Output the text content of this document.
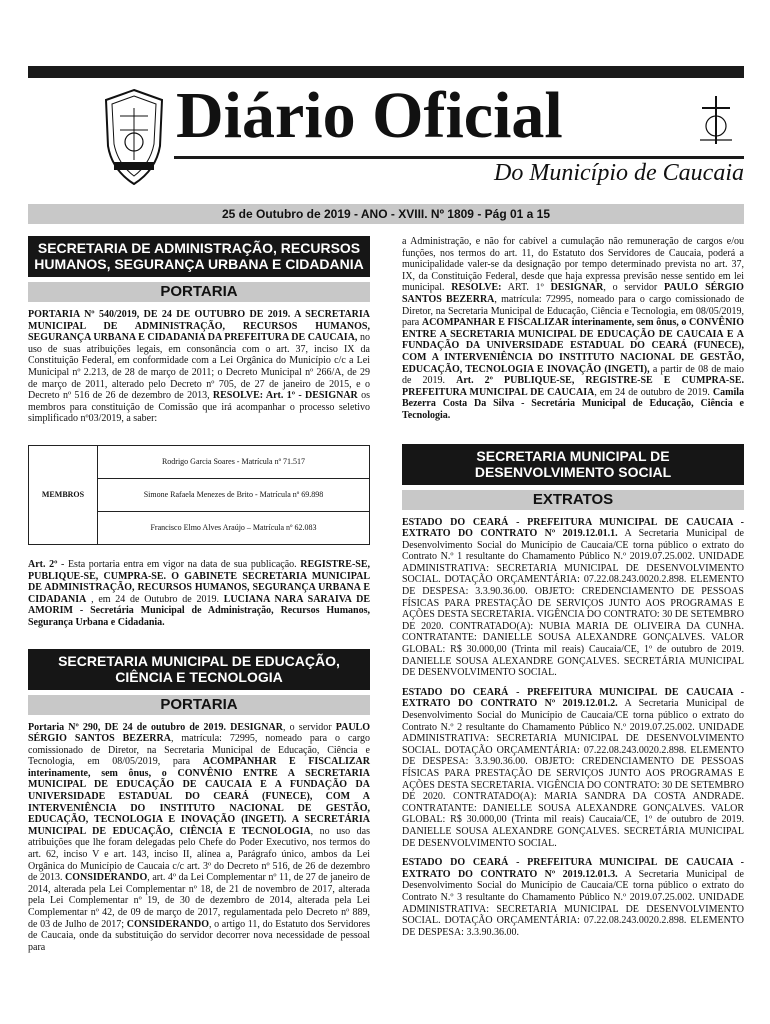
Diário Oficial
Do Município de Caucaia
25 de Outubro de 2019 - ANO - XVIII. Nº 1809 - Pág 01 a 15
SECRETARIA DE ADMINISTRAÇÃO, RECURSOS HUMANOS, SEGURANÇA URBANA E CIDADANIA
PORTARIA

PORTARIA Nº 540/2019, DE 24 DE OUTUBRO DE 2019. A SECRETARIA MUNICIPAL DE ADMINISTRAÇÃO, RECURSOS HUMANOS, SEGURANÇA URBANA E CIDADANIA DA PREFEITURA DE CAUCAIA, no uso de suas atribuições legais, em consonância com o art. 37, inciso IX da Constituição Federal, em conformidade com a Lei Orgânica do Município c/c a Lei Municipal nº 2.213, de 28 de março de 2011; o Decreto Municipal nº 266/A, de 29 de março de 2011, alterado pelo Decreto nº 705, de 27 de janeiro de 2015, e o Decreto nº 516 de 26 de dezembro de 2013, RESOLVE: Art. 1º - DESIGNAR os membros para constituição de Comissão que irá acompanhar o processo seletivo simplificado nº03/2019, a saber:

MEMBROS
Rodrigo Garcia Soares - Matrícula nº 71.517
Simone Rafaela Menezes de Brito - Matrícula nº 69.898
Francisco Elmo Alves Araújo – Matrícula nº 62.083

Art. 2º - Esta portaria entra em vigor na data de sua publicação. REGISTRE-SE, PUBLIQUE-SE, CUMPRA-SE. O GABINETE SECRETARIA MUNICIPAL DE ADMINISTRAÇÃO, RECURSOS HUMANOS, SEGURANÇA URBANA E CIDADANIA , em 24 de Outubro de 2019. LUCIANA NARA SARAIVA DE AMORIM - Secretária Municipal de Administração, Recursos Humanos, Segurança Urbana e Cidadania.

SECRETARIA MUNICIPAL DE EDUCAÇÃO, CIÊNCIA E TECNOLOGIA
PORTARIA

Portaria Nº 290, DE 24 de outubro de 2019. DESIGNAR, o servidor PAULO SÉRGIO SANTOS BEZERRA, matrícula: 72995, nomeado para o cargo comissionado de Diretor, na Secretaria Municipal de Educação, Ciência e Tecnologia, em 08/05/2019, para ACOMPANHAR E FISCALIZAR interinamente, sem ônus, o CONVÊNIO ENTRE A SECRETARIA MUNICIPAL DE EDUCAÇÃO DE CAUCAIA E A FUNDAÇÃO DA UNIVERSIDADE ESTADUAL DO CEARÁ (FUNECE), COM A INTERVENIÊNCIA DO INSTITUTO NACIONAL DE GESTÃO, EDUCAÇÃO, TECNOLOGIA E INOVAÇÃO (INGETI). A SECRETÁRIA MUNICIPAL DE EDUCAÇÃO, CIÊNCIA E TECNOLOGIA, no uso das atribuições que lhe foram delegadas pelo Chefe do Poder Executivo, nos termos do art. 62, inciso V e art. 143, inciso II, alínea a, Parágrafo único, ambos da Lei Orgânica do Município de Caucaia c/c art. 3º do Decreto nº 516, de 26 de dezembro de 2013. CONSIDERANDO, art. 4º da Lei Complementar nº 11, de 27 de janeiro de 2014, alterada pela Lei Complementar nº 18, de 21 de novembro de 2017, alterada pela Lei Complementar nº 19, de 30 de dezembro de 2014, alterada pela Lei Complementar nº 42, de 09 de março de 2017, regulamentada pelo Decreto nº 889, de 03 de Julho de 2017; CONSIDERANDO, o artigo 11, do Estatuto dos Servidores de Caucaia, onde da substituição do servidor decorrer nova necessidade de pessoal para

a Administração, e não for cabível a cumulação não remuneração de cargos e/ou funções, nos termos do art. 11, do Estatuto dos Servidores de Caucaia, poderá a municipalidade valer-se da designação por tempo determinado prevista no art. 37, IX, da Constituição Federal, desde que haja expressa previsão nesse sentido em lei municipal. RESOLVE: ART. 1º DESIGNAR, o servidor PAULO SÉRGIO SANTOS BEZERRA, matrícula: 72995, nomeado para o cargo comissionado de Diretor, na Secretaria Municipal de Educação, Ciência e Tecnologia, em 08/05/2019, para ACOMPANHAR E FISCALIZAR interinamente, sem ônus, o CONVÊNIO ENTRE A SECRETARIA MUNICIPAL DE EDUCAÇÃO DE CAUCAIA E A FUNDAÇÃO DA UNIVERSIDADE ESTADUAL DO CEARÁ (FUNECE), COM A INTERVENIÊNCIA DO INSTITUTO NACIONAL DE GESTÃO, EDUCAÇÃO, TECNOLOGIA E INOVAÇÃO (INGETI), a partir de 08 de maio de 2019. Art. 2º PUBLIQUE-SE, REGISTRE-SE E CUMPRA-SE. PREFEITURA MUNICIPAL DE CAUCAIA, em 24 de outubro de 2019. Camila Bezerra Costa Da Silva - Secretária Municipal de Educação, Ciência e Tecnologia.

SECRETARIA MUNICIPAL DE DESENVOLVIMENTO SOCIAL
EXTRATOS

ESTADO DO CEARÁ - PREFEITURA MUNICIPAL DE CAUCAIA - EXTRATO DO CONTRATO Nº 2019.12.01.1. A Secretaria Municipal de Desenvolvimento Social do Município de Caucaia/CE torna público o extrato do Contrato N.º 1 resultante do Chamamento Público N.º 2019.07.25.002. UNIDADE ADMINISTRATIVA: SECRETARIA MUNICIPAL DE DESENVOLVIMENTO SOCIAL. DOTAÇÃO ORÇAMENTÁRIA: 07.22.08.243.0020.2.898. ELEMENTO DE DESPESA: 3.3.90.36.00. OBJETO: CREDENCIAMENTO DE PESSOAS FÍSICAS PARA PRESTAÇÃO DE SERVIÇOS JUNTO AOS PROGRAMAS E AÇÕES DESTA SECRETARIA. VIGÊNCIA DO CONTRATO: 30 DE SETEMBRO DE 2020. CONTRATADO(A): NUBIA MARIA DE OLIVEIRA DA CUNHA. CONTRATANTE: DANIELLE SOUSA ALEXANDRE GONÇALVES. VALOR GLOBAL: R$ 30.000,00 (Trinta mil reais) Caucaia/CE, 1º de outubro de 2019. DANIELLE SOUSA ALEXANDRE GONÇALVES. SECRETÁRIA MUNICIPAL DE DESENVOLVIMENTO SOCIAL.

ESTADO DO CEARÁ - PREFEITURA MUNICIPAL DE CAUCAIA - EXTRATO DO CONTRATO Nº 2019.12.01.2. A Secretaria Municipal de Desenvolvimento Social do Município de Caucaia/CE torna público o extrato do Contrato N.º 2 resultante do Chamamento Público N.º 2019.07.25.002. UNIDADE ADMINISTRATIVA: SECRETARIA MUNICIPAL DE DESENVOLVIMENTO SOCIAL. DOTAÇÃO ORÇAMENTÁRIA: 07.22.08.243.0020.2.898. ELEMENTO DE DESPESA: 3.3.90.36.00. OBJETO: CREDENCIAMENTO DE PESSOAS FÍSICAS PARA PRESTAÇÃO DE SERVIÇOS JUNTO AOS PROGRAMAS E AÇÕES DESTA SECRETARIA. VIGÊNCIA DO CONTRATO: 30 DE SETEMBRO DE 2020. CONTRATADO(A): MARIA SANDRA DA COSTA ANDRADE. CONTRATANTE: DANIELLE SOUSA ALEXANDRE GONÇALVES. VALOR GLOBAL: R$ 30.000,00 (Trinta mil reais) Caucaia/CE, 1º de outubro de 2019. DANIELLE SOUSA ALEXANDRE GONÇALVES. SECRETÁRIA MUNICIPAL DE DESENVOLVIMENTO SOCIAL.

ESTADO DO CEARÁ - PREFEITURA MUNICIPAL DE CAUCAIA - EXTRATO DO CONTRATO Nº 2019.12.01.3. A Secretaria Municipal de Desenvolvimento Social do Município de Caucaia/CE torna público o extrato do Contrato N.º 3 resultante do Chamamento Público N.º 2019.07.25.002. UNIDADE ADMINISTRATIVA: SECRETARIA MUNICIPAL DE DESENVOLVIMENTO SOCIAL. DOTAÇÃO ORÇAMENTÁRIA: 07.22.08.243.0020.2.898. ELEMENTO DE DESPESA: 3.3.90.36.00.
